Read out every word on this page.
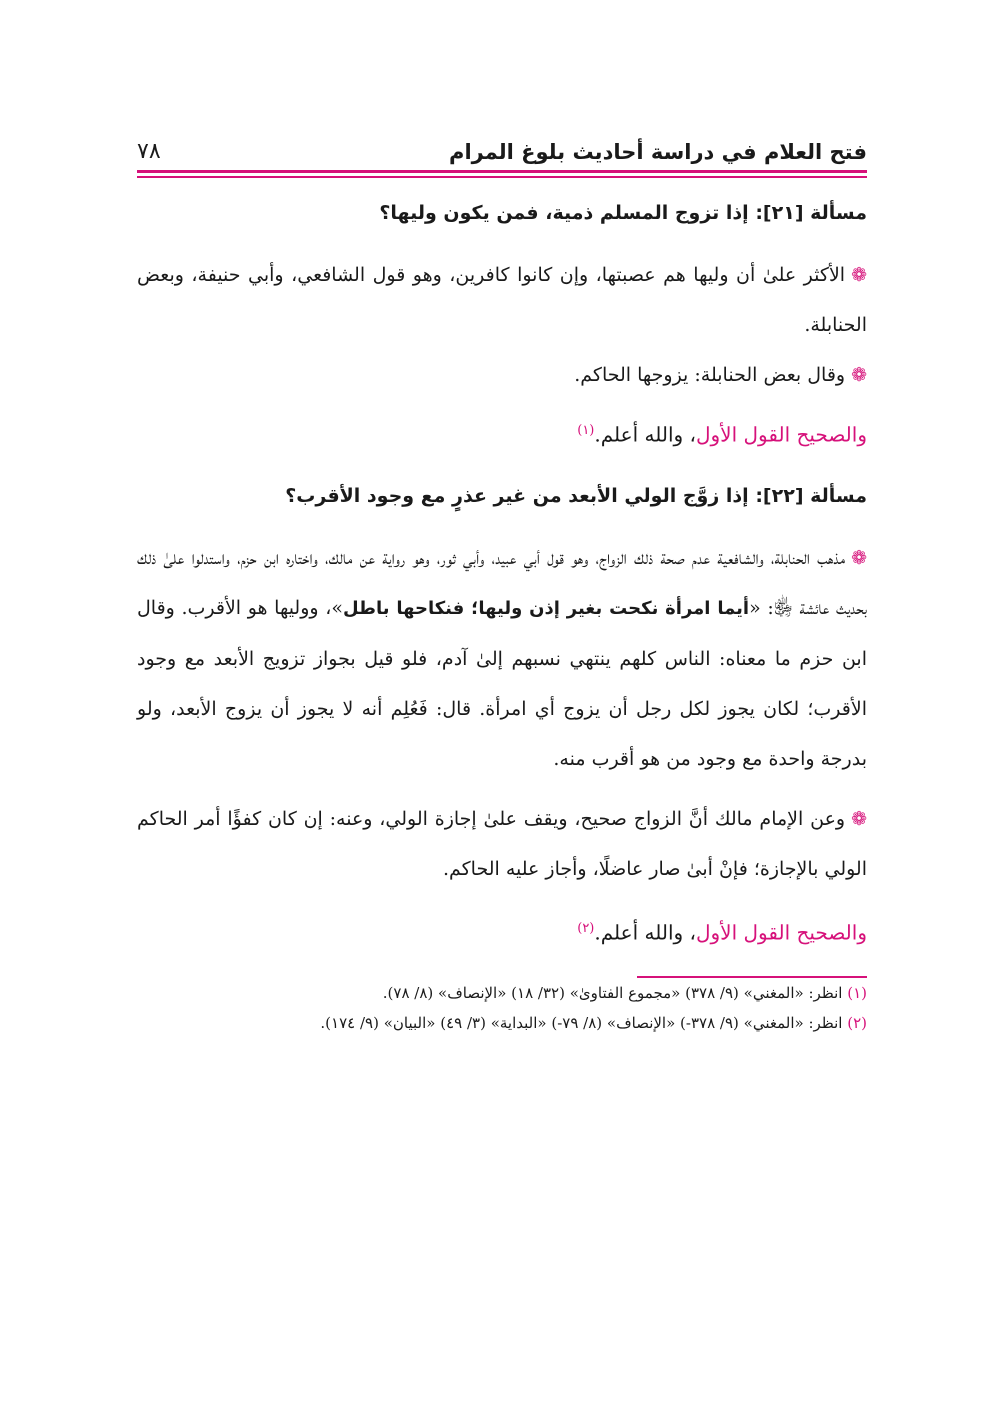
فتح العلام في دراسة أحاديث بلوغ المرام
٧٨

مسألة [٢١]: إذا تزوج المسلم ذمية، فمن يكون وليها؟

❁الأكثر علىٰ أن وليها هم عصبتها، وإن كانوا كافرين، وهو قول الشافعي، وأبي حنيفة، وبعض الحنابلة.

❁وقال بعض الحنابلة: يزوجها الحاكم.

والصحيح القول الأول، والله أعلم.$^{(١)}$

مسألة [٢٢]: إذا زوَّج الولي الأبعد من غير عذرٍ مع وجود الأقرب؟

❁مذهب الحنابلة، والشافعية عدم صحة ذلك الزواج، وهو قول أبي عبيد، وأبي ثور، وهو رواية عن مالك، واختاره ابن حزم، واستدلوا علىٰ ذلك بحديث عائشة ﵂: «أيما امرأة نكحت بغير إذن وليها؛ فنكاحها باطل»، ووليها هو الأقرب. وقال ابن حزم ما معناه: الناس كلهم ينتهي نسبهم إلىٰ آدم، فلو قيل بجواز تزويج الأبعد مع وجود الأقرب؛ لكان يجوز لكل رجل أن يزوج أي امرأة. قال: فَعُلِم أنه لا يجوز أن يزوج الأبعد، ولو بدرجة واحدة مع وجود من هو أقرب منه.

❁وعن الإمام مالك أنَّ الزواج صحيح، ويقف علىٰ إجازة الولي، وعنه: إن كان كفؤًا أمر الحاكم الولي بالإجازة؛ فإنْ أبىٰ صار عاضلًا، وأجاز عليه الحاكم.

والصحيح القول الأول، والله أعلم.$^{(٢)}$

(١) انظر: «المغني» (٩/ ٣٧٨) «مجموع الفتاوىٰ» (٣٢/ ١٨) «الإنصاف» (٨/ ٧٨).

(٢) انظر: «المغني» (٩/ ٣٧٨-) «الإنصاف» (٨/ ٧٩-) «البداية» (٣/ ٤٩) «البيان» (٩/ ١٧٤).
